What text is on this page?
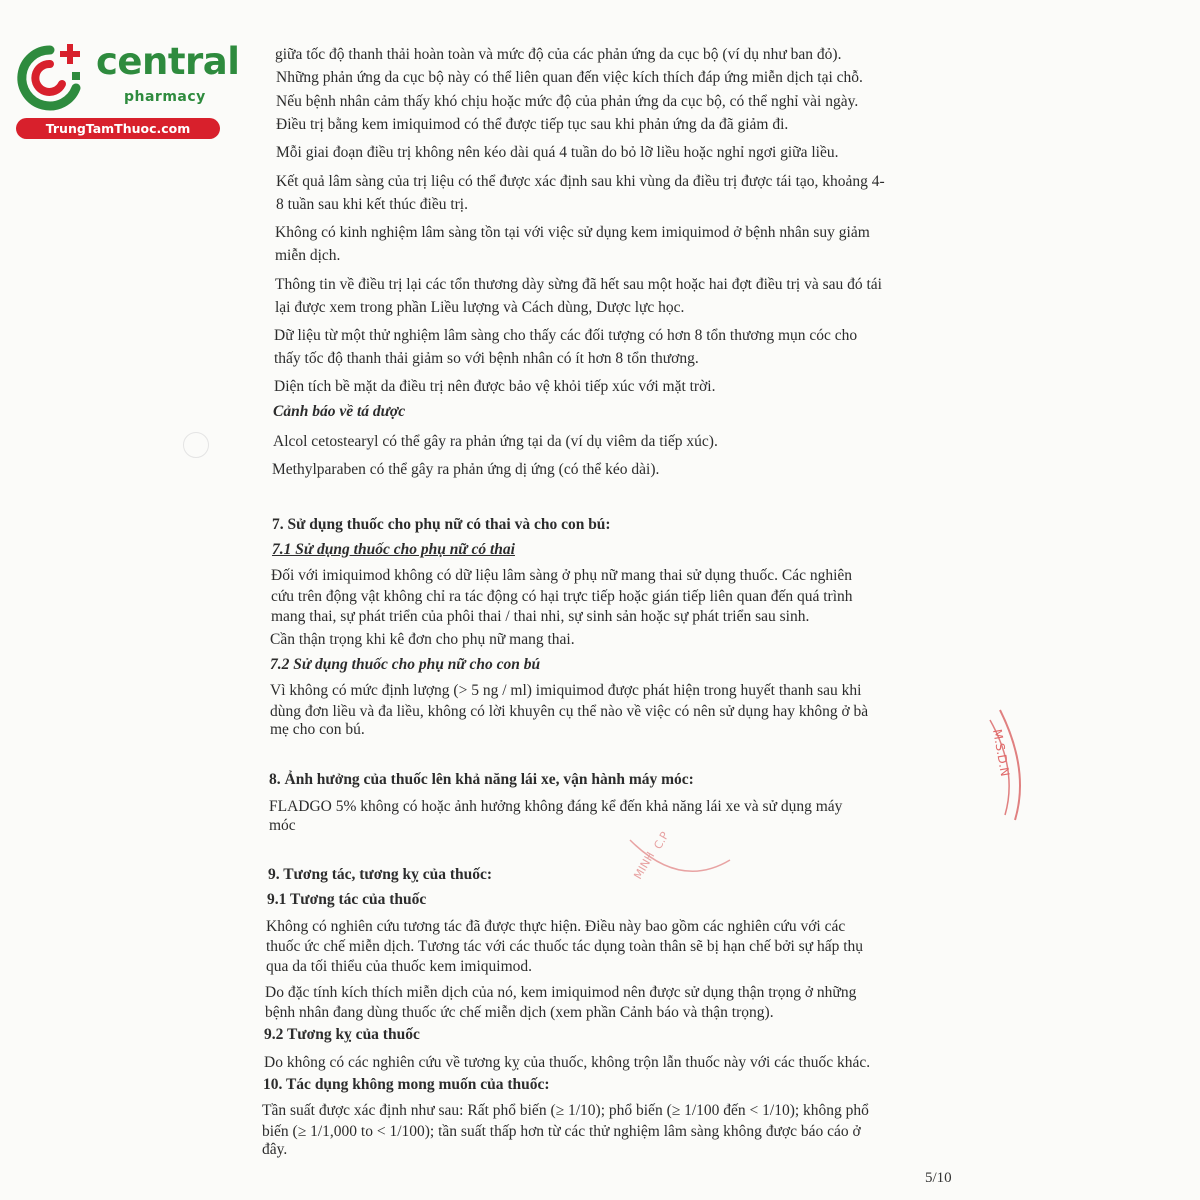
central
pharmacy
TrungTamThuoc.com
M.S.D.N
MINH
C.P
giữa tốc độ thanh thải hoàn toàn và mức độ của các phản ứng da cục bộ (ví dụ như ban đỏ).
Những phản ứng da cục bộ này có thể liên quan đến việc kích thích đáp ứng miễn dịch tại chỗ.
Nếu bệnh nhân cảm thấy khó chịu hoặc mức độ của phản ứng da cục bộ, có thể nghỉ vài ngày.
Điều trị bằng kem imiquimod có thể được tiếp tục sau khi phản ứng da đã giảm đi.
Mỗi giai đoạn điều trị không nên kéo dài quá 4 tuần do bỏ lỡ liều hoặc nghỉ ngơi giữa liều.
Kết quả lâm sàng của trị liệu có thể được xác định sau khi vùng da điều trị được tái tạo, khoảng 4-
8 tuần sau khi kết thúc điều trị.
Không có kinh nghiệm lâm sàng tồn tại với việc sử dụng kem imiquimod ở bệnh nhân suy giảm
miễn dịch.
Thông tin về điều trị lại các tổn thương dày sừng đã hết sau một hoặc hai đợt điều trị và sau đó tái
lại được xem trong phần Liều lượng và Cách dùng, Dược lực học.
Dữ liệu từ một thử nghiệm lâm sàng cho thấy các đối tượng có hơn 8 tổn thương mụn cóc cho
thấy tốc độ thanh thải giảm so với bệnh nhân có ít hơn 8 tổn thương.
Diện tích bề mặt da điều trị nên được bảo vệ khỏi tiếp xúc với mặt trời.
Cảnh báo về tá dược
Alcol cetostearyl có thể gây ra phản ứng tại da (ví dụ viêm da tiếp xúc).
Methylparaben có thể gây ra phản ứng dị ứng (có thể kéo dài).
7. Sử dụng thuốc cho phụ nữ có thai và cho con bú:
7.1 Sử dụng thuốc cho phụ nữ có thai
Đối với imiquimod không có dữ liệu lâm sàng ở phụ nữ mang thai sử dụng thuốc. Các nghiên
cứu trên động vật không chỉ ra tác động có hại trực tiếp hoặc gián tiếp liên quan đến quá trình
mang thai, sự phát triển của phôi thai / thai nhi, sự sinh sản hoặc sự phát triển sau sinh.
Cần thận trọng khi kê đơn cho phụ nữ mang thai.
7.2 Sử dụng thuốc cho phụ nữ cho con bú
Vì không có mức định lượng (> 5 ng / ml) imiquimod được phát hiện trong huyết thanh sau khi
dùng đơn liều và đa liều, không có lời khuyên cụ thể nào về việc có nên sử dụng hay không ở bà
mẹ cho con bú.
8. Ảnh hưởng của thuốc lên khả năng lái xe, vận hành máy móc:
FLADGO 5% không có hoặc ảnh hưởng không đáng kể đến khả năng lái xe và sử dụng máy
móc
9. Tương tác, tương kỵ của thuốc:
9.1 Tương tác của thuốc
Không có nghiên cứu tương tác đã được thực hiện. Điều này bao gồm các nghiên cứu với các
thuốc ức chế miễn dịch. Tương tác với các thuốc tác dụng toàn thân sẽ bị hạn chế bởi sự hấp thụ
qua da tối thiểu của thuốc kem imiquimod.
Do đặc tính kích thích miễn dịch của nó, kem imiquimod nên được sử dụng thận trọng ở những
bệnh nhân đang dùng thuốc ức chế miễn dịch (xem phần Cảnh báo và thận trọng).
9.2 Tương kỵ của thuốc
Do không có các nghiên cứu về tương kỵ của thuốc, không trộn lẫn thuốc này với các thuốc khác.
10. Tác dụng không mong muốn của thuốc:
Tần suất được xác định như sau: Rất phổ biến (≥ 1/10); phổ biến (≥ 1/100 đến < 1/10); không phổ
biến (≥ 1/1,000 to < 1/100); tần suất thấp hơn từ các thử nghiệm lâm sàng không được báo cáo ở
đây.
5/10
